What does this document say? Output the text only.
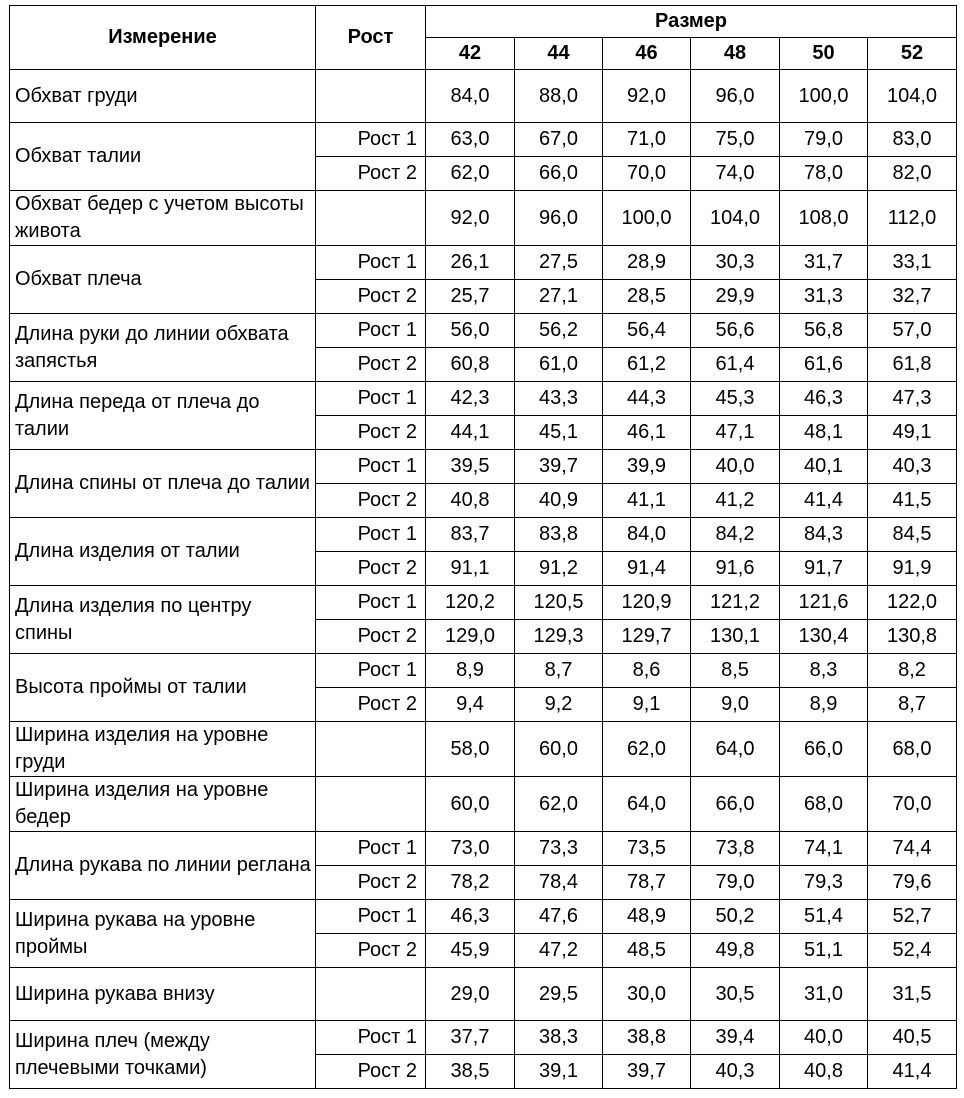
Измерение	Рост	Размер					
		42	44	46	48	50	52
Обхват груди		84,0	88,0	92,0	96,0	100,0	104,0
Обхват талии	Рост 1	63,0	67,0	71,0	75,0	79,0	83,0
	Рост 2	62,0	66,0	70,0	74,0	78,0	82,0
Обхват бедер с учетом высоты живота		92,0	96,0	100,0	104,0	108,0	112,0
Обхват плеча	Рост 1	26,1	27,5	28,9	30,3	31,7	33,1
	Рост 2	25,7	27,1	28,5	29,9	31,3	32,7
Длина руки до линии обхвата запястья	Рост 1	56,0	56,2	56,4	56,6	56,8	57,0
	Рост 2	60,8	61,0	61,2	61,4	61,6	61,8
Длина переда от плеча до талии	Рост 1	42,3	43,3	44,3	45,3	46,3	47,3
	Рост 2	44,1	45,1	46,1	47,1	48,1	49,1
Длина спины от плеча до талии	Рост 1	39,5	39,7	39,9	40,0	40,1	40,3
	Рост 2	40,8	40,9	41,1	41,2	41,4	41,5
Длина изделия от талии	Рост 1	83,7	83,8	84,0	84,2	84,3	84,5
	Рост 2	91,1	91,2	91,4	91,6	91,7	91,9
Длина изделия по центру спины	Рост 1	120,2	120,5	120,9	121,2	121,6	122,0
	Рост 2	129,0	129,3	129,7	130,1	130,4	130,8
Высота проймы от талии	Рост 1	8,9	8,7	8,6	8,5	8,3	8,2
	Рост 2	9,4	9,2	9,1	9,0	8,9	8,7
Ширина изделия на уровне груди		58,0	60,0	62,0	64,0	66,0	68,0
Ширина изделия на уровне бедер		60,0	62,0	64,0	66,0	68,0	70,0
Длина рукава по линии реглана	Рост 1	73,0	73,3	73,5	73,8	74,1	74,4
	Рост 2	78,2	78,4	78,7	79,0	79,3	79,6
Ширина рукава на уровне проймы	Рост 1	46,3	47,6	48,9	50,2	51,4	52,7
	Рост 2	45,9	47,2	48,5	49,8	51,1	52,4
Ширина рукава внизу		29,0	29,5	30,0	30,5	31,0	31,5
Ширина плеч (между плечевыми точками)	Рост 1	37,7	38,3	38,8	39,4	40,0	40,5
	Рост 2	38,5	39,1	39,7	40,3	40,8	41,4
